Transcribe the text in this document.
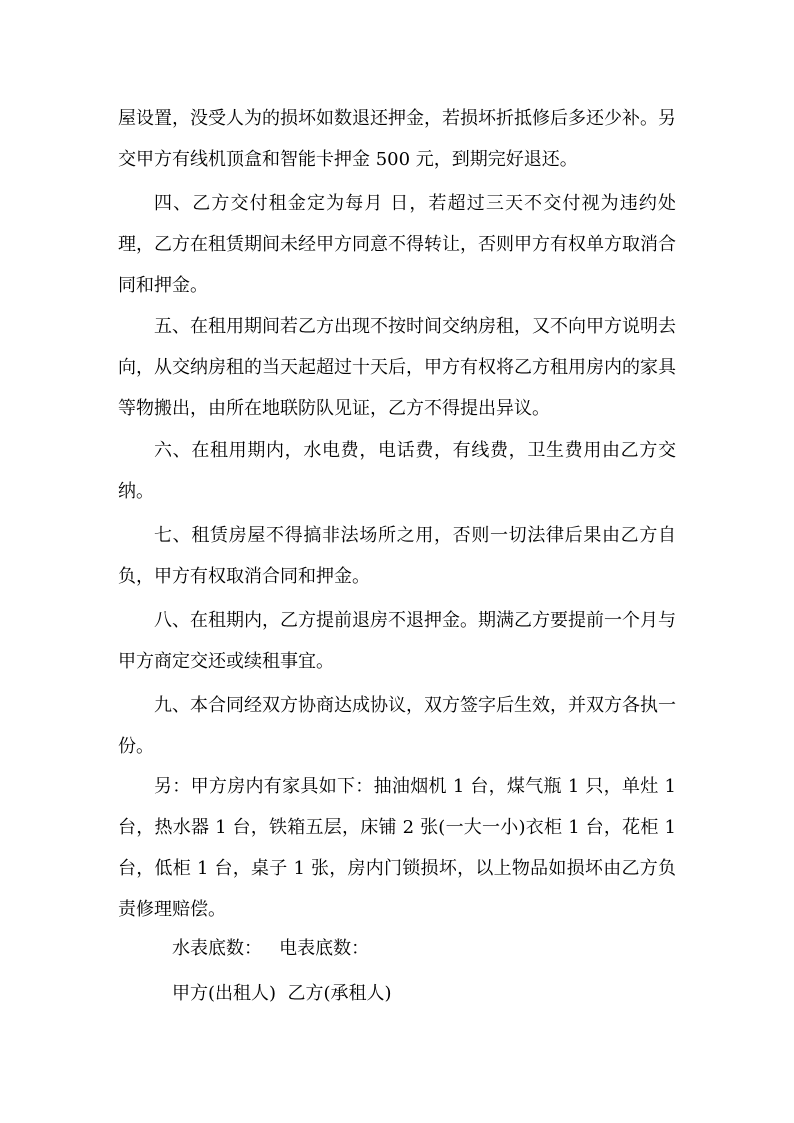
屋设置，没受人为的损坏如数退还押金，若损坏折抵修后多还少补。另交甲方有线机顶盒和智能卡押金 500 元，到期完好退还。

四、乙方交付租金定为每月 日，若超过三天不交付视为违约处理，乙方在租赁期间未经甲方同意不得转让，否则甲方有权单方取消合同和押金。

五、在租用期间若乙方出现不按时间交纳房租，又不向甲方说明去向，从交纳房租的当天起超过十天后，甲方有权将乙方租用房内的家具等物搬出，由所在地联防队见证，乙方不得提出异议。

六、在租用期内，水电费，电话费，有线费，卫生费用由乙方交纳。

七、租赁房屋不得搞非法场所之用，否则一切法律后果由乙方自负，甲方有权取消合同和押金。

八、在租期内，乙方提前退房不退押金。期满乙方要提前一个月与甲方商定交还或续租事宜。

九、本合同经双方协商达成协议，双方签字后生效，并双方各执一份。

另：甲方房内有家具如下：抽油烟机 1 台，煤气瓶 1 只，单灶 1 台，热水器 1 台，铁箱五层，床铺 2 张(一大一小)衣柜 1 台，花柜 1 台，低柜 1 台，桌子 1 张，房内门锁损坏，以上物品如损坏由乙方负责修理赔偿。

水表底数：   电表底数：

甲方(出租人)  乙方(承租人)
